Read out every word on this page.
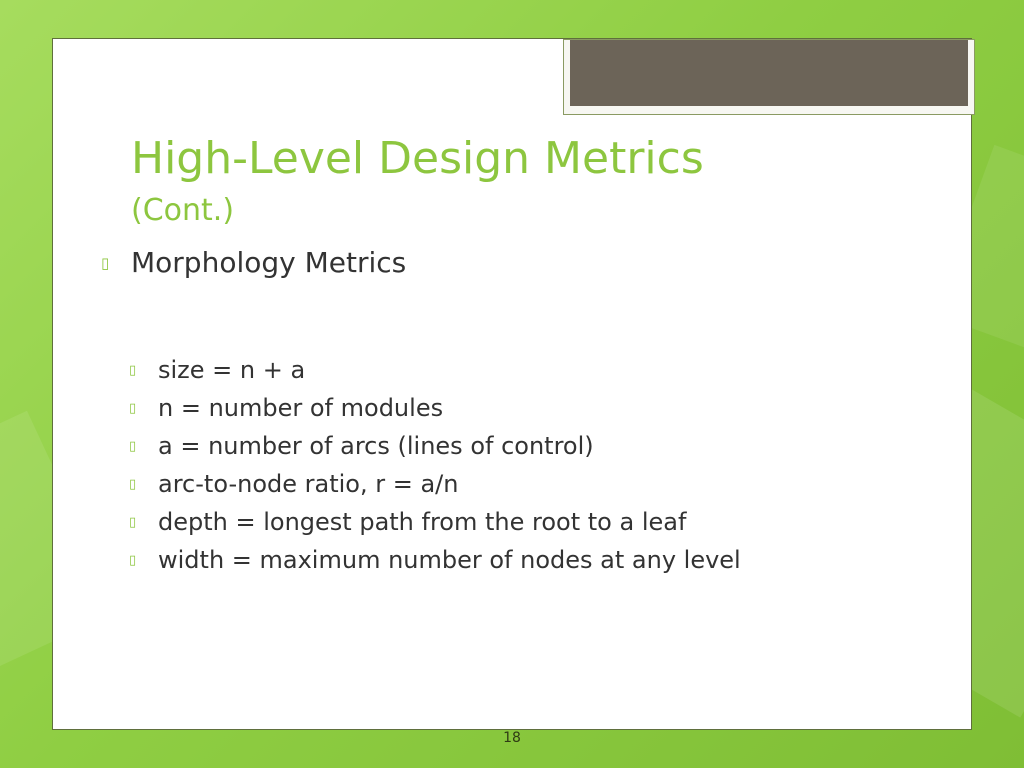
High-Level Design Metrics
(Cont.)
▯ Morphology Metrics
▯ size = n + a
▯ n = number of modules
▯ a = number of arcs (lines of control)
▯ arc-to-node ratio, r = a/n
▯ depth = longest path from the root to a leaf
▯ width = maximum number of nodes at any level
18
